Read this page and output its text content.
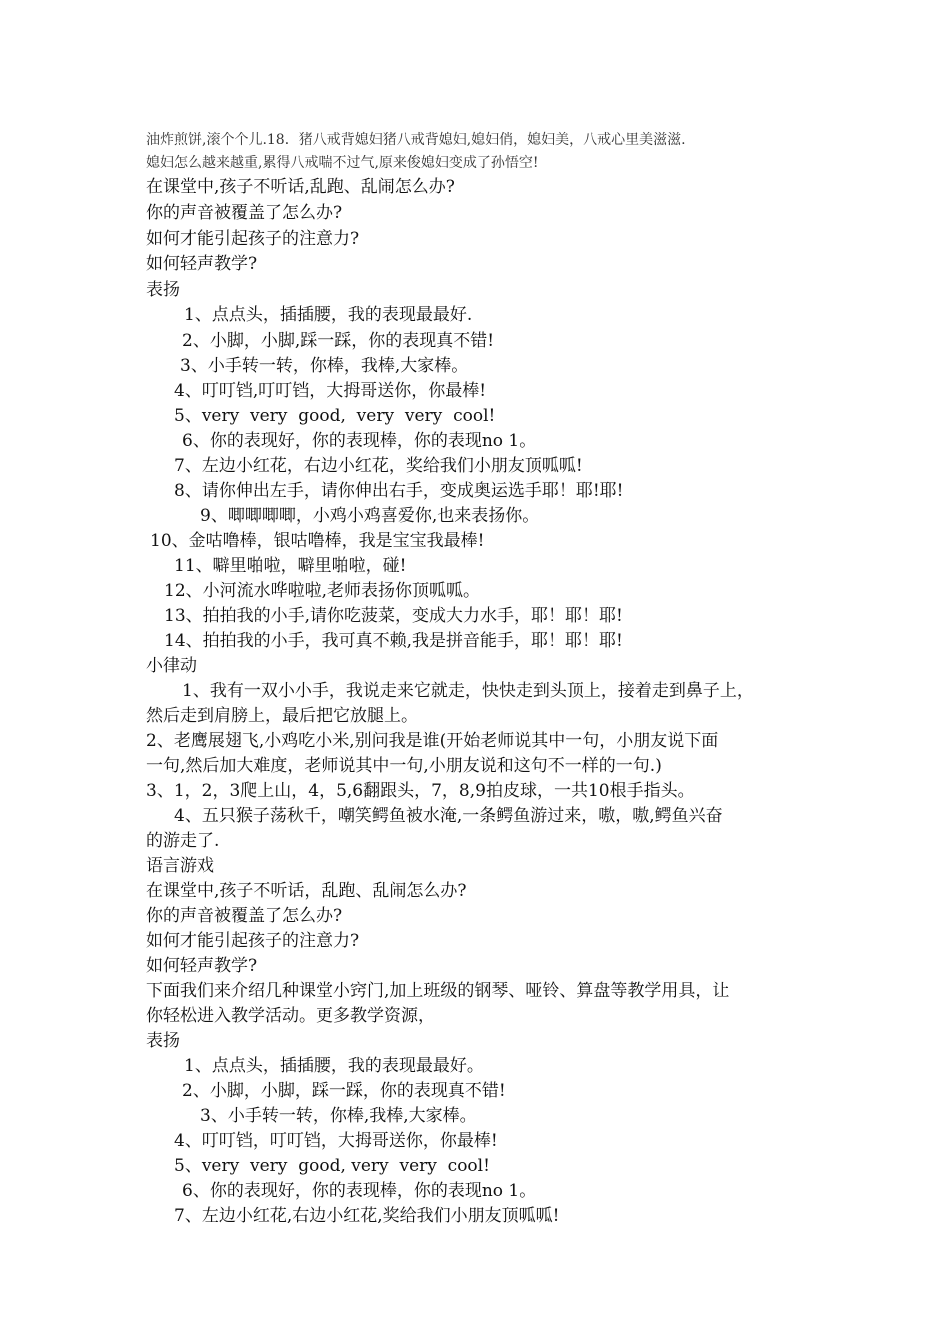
油炸煎饼,滚个个儿.18．猪八戒背媳妇猪八戒背媳妇,媳妇俏，媳妇美，八戒心里美滋滋.
媳妇怎么越来越重,累得八戒喘不过气,原来俊媳妇变成了孙悟空!
在课堂中,孩子不听话,乱跑、乱闹怎么办?
你的声音被覆盖了怎么办?
如何才能引起孩子的注意力?
如何轻声教学?
表扬
1、点点头，插插腰，我的表现最最好.
2、小脚，小脚,踩一踩，你的表现真不错!
3、小手转一转，你棒，我棒,大家棒。
4、叮叮铛,叮叮铛，大拇哥送你，你最棒!
5、very  very  good,  very  very  cool!
6、你的表现好，你的表现棒，你的表现no 1。
7、左边小红花，右边小红花，奖给我们小朋友顶呱呱!
8、请你伸出左手，请你伸出右手，变成奥运选手耶！耶!耶!
9、唧唧唧唧，小鸡小鸡喜爱你,也来表扬你。
10、金咕噜棒，银咕噜棒，我是宝宝我最棒!
11、噼里啪啦，噼里啪啦，碰!
12、小河流水哗啦啦,老师表扬你顶呱呱。
13、拍拍我的小手,请你吃菠菜，变成大力水手，耶！耶！耶!
14、拍拍我的小手，我可真不赖,我是拼音能手，耶！耶！耶!
小律动
1、我有一双小小手，我说走来它就走，快快走到头顶上，接着走到鼻子上，
然后走到肩膀上，最后把它放腿上。
2、老鹰展翅飞,小鸡吃小米,别问我是谁(开始老师说其中一句，小朋友说下面
一句,然后加大难度，老师说其中一句,小朋友说和这句不一样的一句.)
3、1，2，3爬上山，4，5,6翻跟头，7，8,9拍皮球，一共10根手指头。
4、五只猴子荡秋千，嘲笑鳄鱼被水淹,一条鳄鱼游过来，嗷，嗷,鳄鱼兴奋
的游走了.
语言游戏
在课堂中,孩子不听话，乱跑、乱闹怎么办?
你的声音被覆盖了怎么办?
如何才能引起孩子的注意力?
如何轻声教学?
下面我们来介绍几种课堂小窍门,加上班级的钢琴、哑铃、算盘等教学用具，让
你轻松进入教学活动。更多教学资源，
表扬
1、点点头，插插腰，我的表现最最好。
2、小脚，小脚，踩一踩，你的表现真不错!
3、小手转一转，你棒,我棒,大家棒。
4、叮叮铛，叮叮铛，大拇哥送你，你最棒!
5、very  very  good, very  very  cool!
6、你的表现好，你的表现棒，你的表现no 1。
7、左边小红花,右边小红花,奖给我们小朋友顶呱呱!
